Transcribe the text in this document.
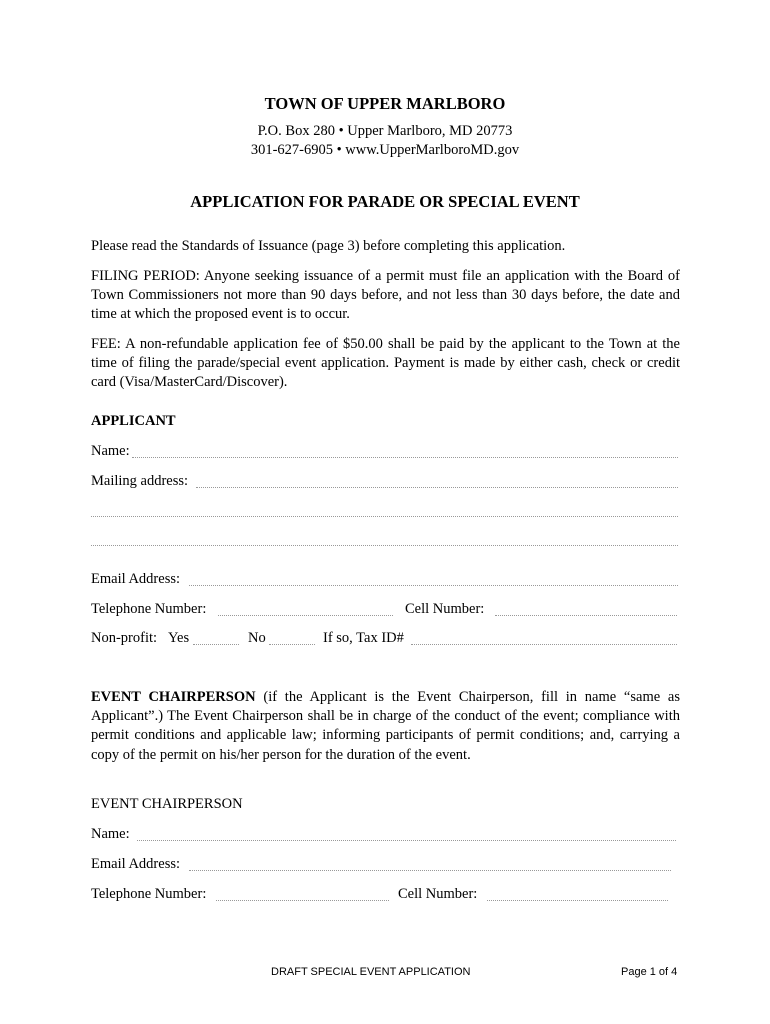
TOWN OF UPPER MARLBORO
P.O. Box 280 • Upper Marlboro, MD 20773
301-627-6905 • www.UpperMarlboroMD.gov
APPLICATION FOR PARADE OR SPECIAL EVENT
Please read the Standards of Issuance (page 3) before completing this application.
FILING PERIOD: Anyone seeking issuance of a permit must file an application with the Board of Town Commissioners not more than 90 days before, and not less than 30 days before, the date and time at which the proposed event is to occur.
FEE: A non-refundable application fee of $50.00 shall be paid by the applicant to the Town at the time of filing the parade/special event application. Payment is made by either cash, check or credit card (Visa/MasterCard/Discover).
APPLICANT
Name:
Mailing address:
Email Address:
Telephone Number:	Cell Number:
Non-profit: Yes	No	If so, Tax ID#
EVENT CHAIRPERSON (if the Applicant is the Event Chairperson, fill in name “same as Applicant”.) The Event Chairperson shall be in charge of the conduct of the event; compliance with permit conditions and applicable law; informing participants of permit conditions; and, carrying a copy of the permit on his/her person for the duration of the event.
EVENT CHAIRPERSON
Name:
Email Address:
Telephone Number:	Cell Number:
DRAFT SPECIAL EVENT APPLICATION	Page 1 of 4
